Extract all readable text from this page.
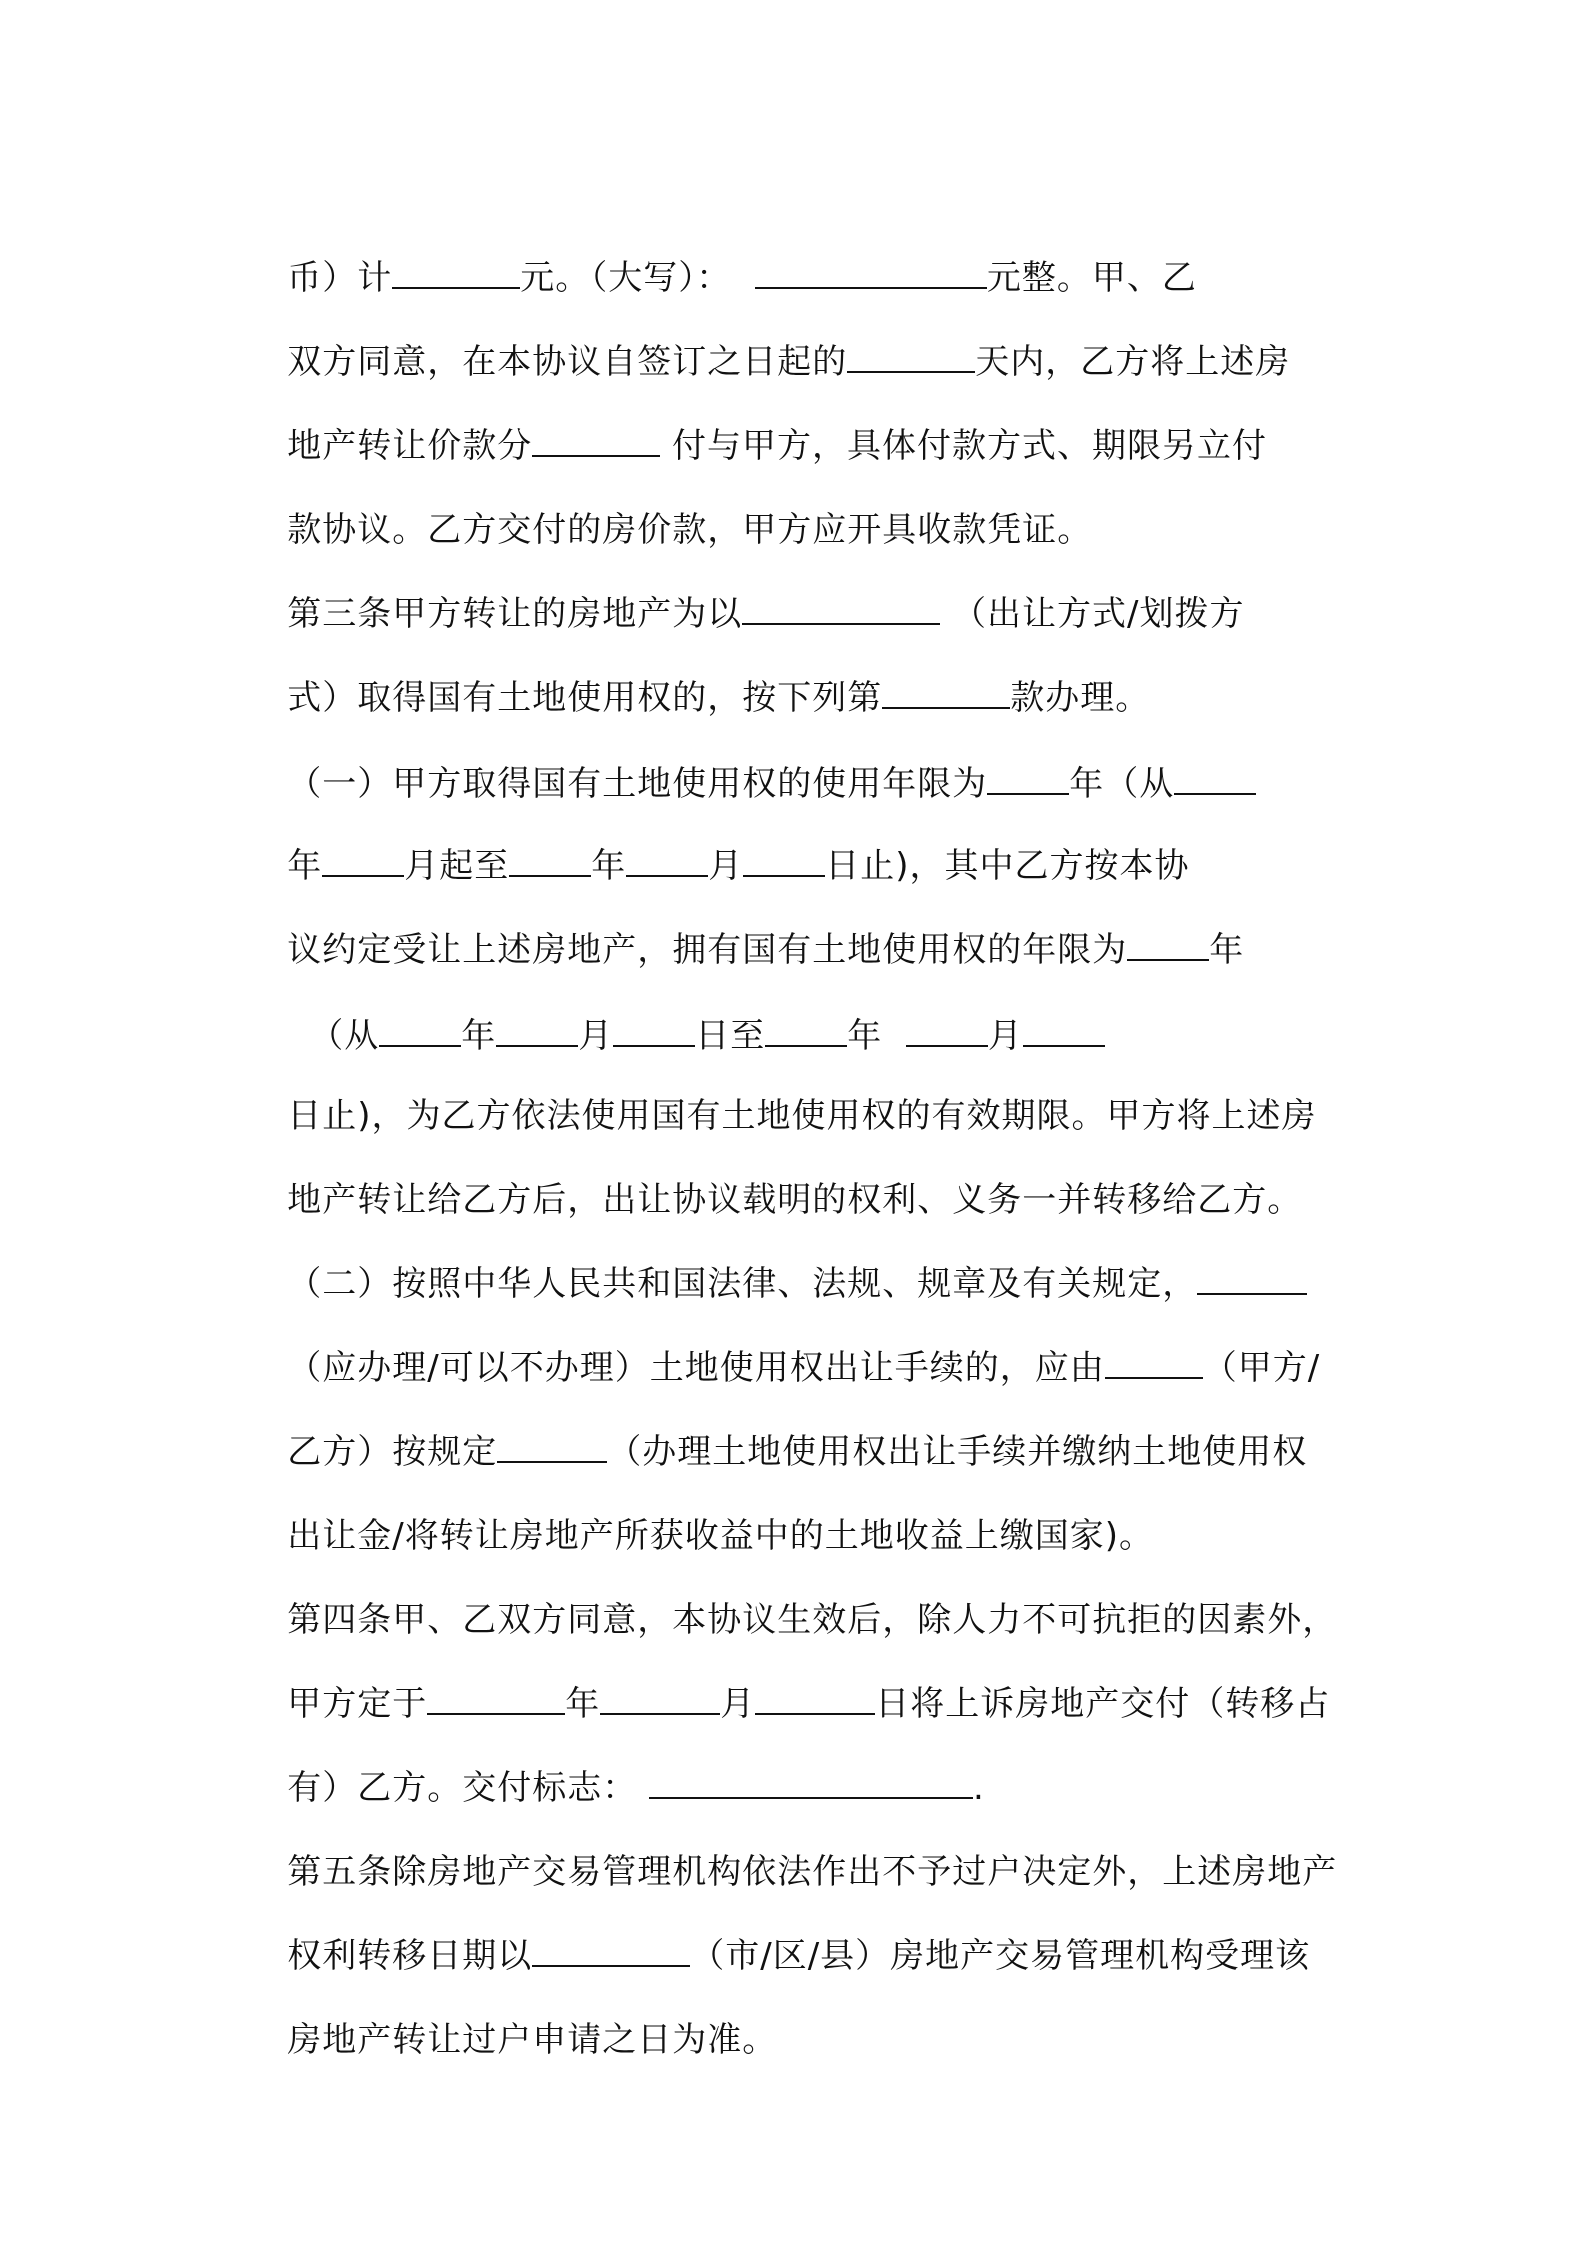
币）计	元。（大写）：	元整。甲、乙

双方同意，在本协议自签订之日起的	天内，乙方将上述房

地产转让价款分	付与甲方，具体付款方式、期限另立付

款协议。乙方交付的房价款，甲方应开具收款凭证。

第三条甲方转让的房地产为以	（出让方式/划拨方

式）取得国有土地使用权的，按下列第	款办理。

（一）甲方取得国有土地使用权的使用年限为 年（从

年 月起至 年 月 日止)，其中乙方按本协

议约定受让上述房地产，拥有国有土地使用权的年限为 年

（从 年 月 日至 年	月

日止)，为乙方依法使用国有土地使用权的有效期限。甲方将上述房

地产转让给乙方后，出让协议载明的权利、义务一并转移给乙方。

（二）按照中华人民共和国法律、法规、规章及有关规定，

（应办理/可以不办理）土地使用权出让手续的，应由	（甲方/

乙方）按规定	（办理土地使用权出让手续并缴纳土地使用权

出让金/将转让房地产所获收益中的土地收益上缴国家)。

第四条甲、乙双方同意，本协议生效后，除人力不可抗拒的因素外，

甲方定于	年	月	日将上诉房地产交付（转移占

有）乙方。交付标志：	.

第五条除房地产交易管理机构依法作出不予过户决定外，上述房地产

权利转移日期以	（市/区/县）房地产交易管理机构受理该

房地产转让过户申请之日为准。
